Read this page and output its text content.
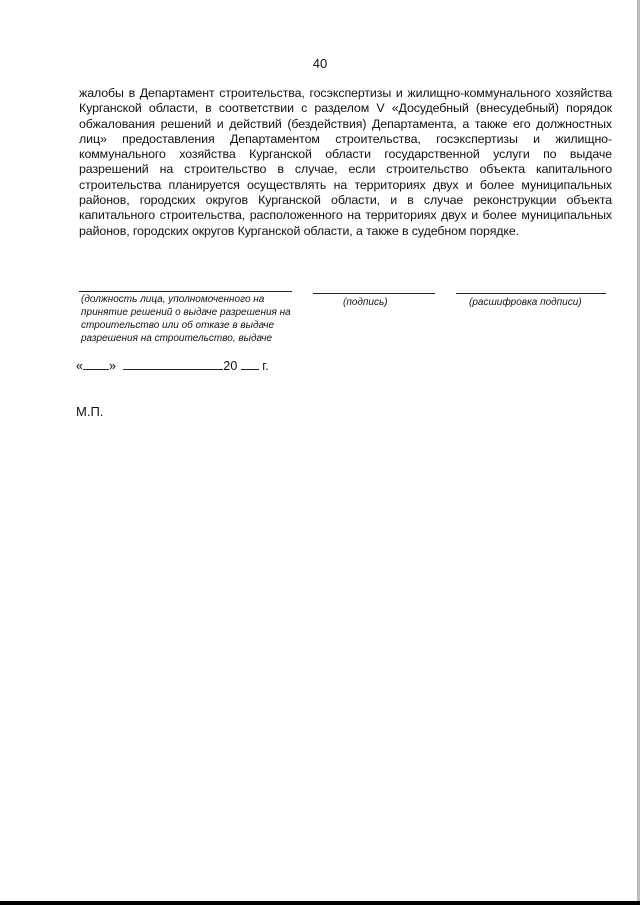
40

жалобы в Департамент строительства, госэкспертизы и жилищно-коммунального хозяйства Курганской области, в соответствии с разделом V «Досудебный (внесудебный) порядок обжалования решений и действий (бездействия) Департамента, а также его должностных лиц» предоставления Департаментом строительства, госэкспертизы и жилищно-коммунального хозяйства Курганской области государственной услуги по выдаче разрешений на строительство в случае, если строительство объекта капитального строительства планируется осуществлять на территориях двух и более муниципальных районов, городских округов Курганской области, и в случае реконструкции объекта капитального строительства, расположенного на территориях двух и более муниципальных районов, городских округов Курганской области, а также в судебном порядке.

(должность лица, уполномоченного на принятие решений о выдаче разрешения на строительство или об отказе в выдаче разрешения на строительство, выдаче
(подпись)	(расшифровка подписи)
« »	20 г.
М.П.
